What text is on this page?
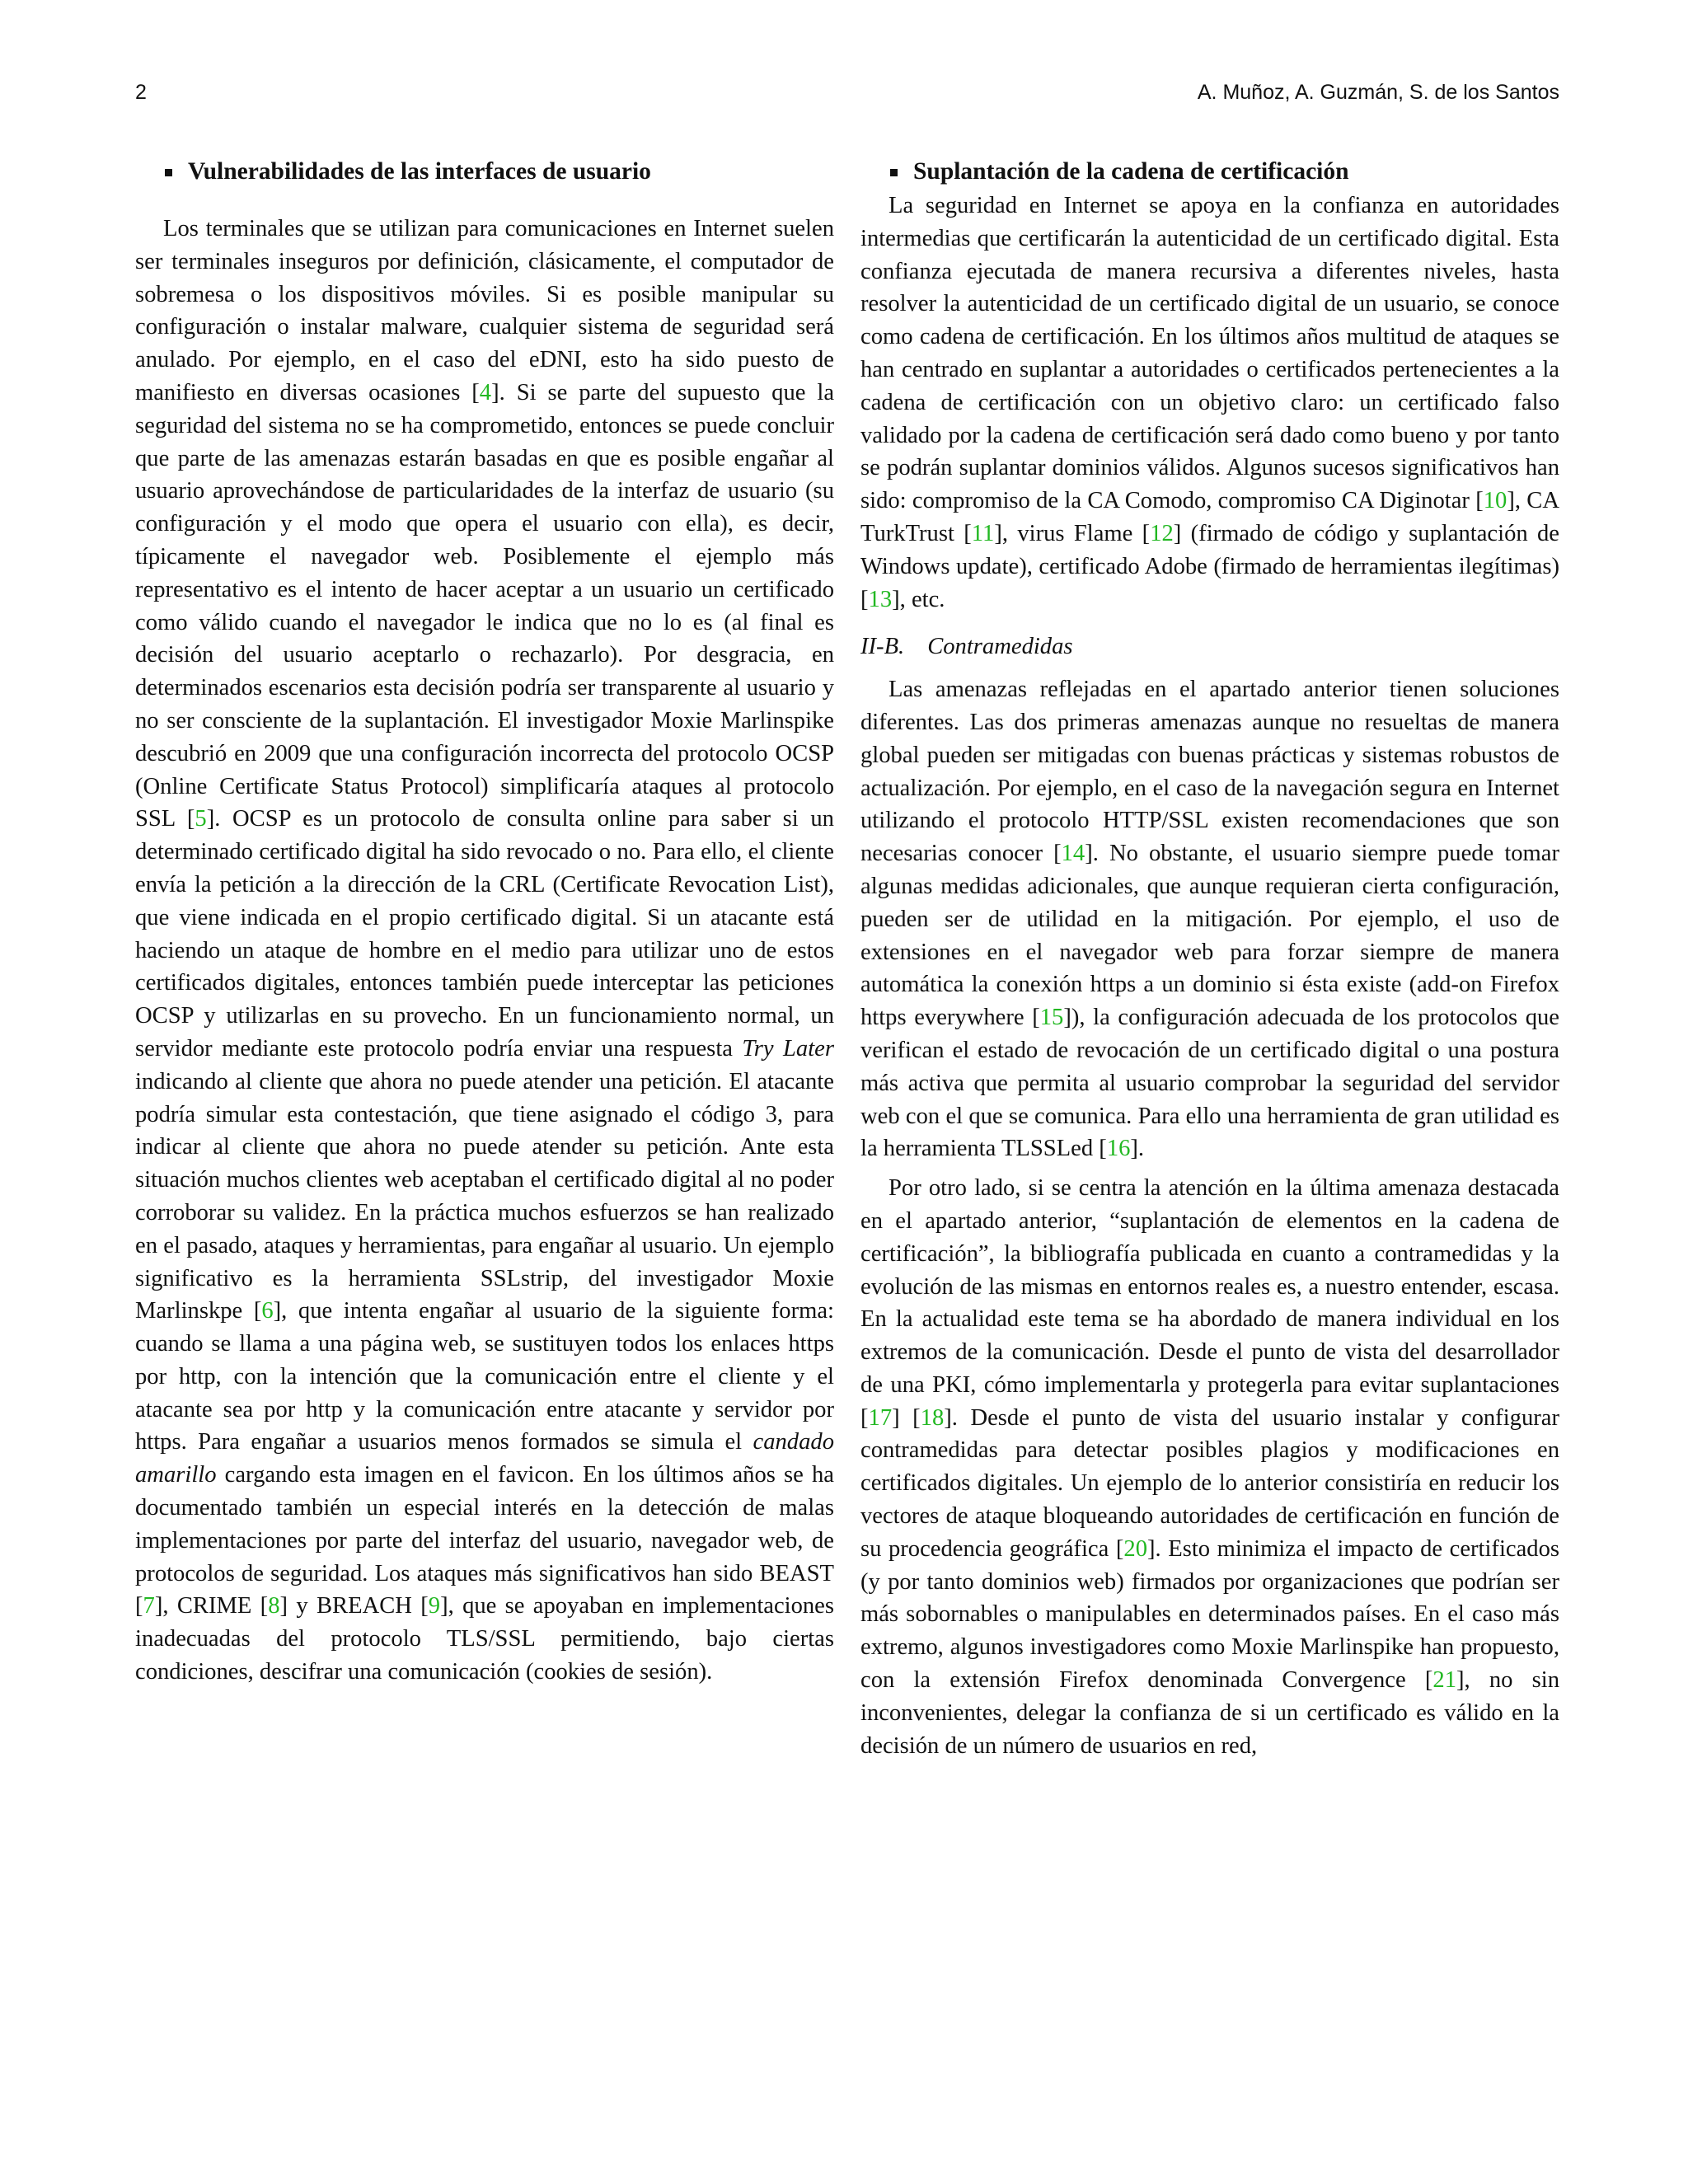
2	A. Muñoz, A. Guzmán, S. de los Santos
Vulnerabilidades de las interfaces de usuario

Los terminales que se utilizan para comunicaciones en Internet suelen ser terminales inseguros por definición, clásicamente, el computador de sobremesa o los dispositivos móviles. Si es posible manipular su configuración o instalar malware, cualquier sistema de seguridad será anulado. Por ejemplo, en el caso del eDNI, esto ha sido puesto de manifiesto en diversas ocasiones [4]. Si se parte del supuesto que la seguridad del sistema no se ha comprometido, entonces se puede concluir que parte de las amenazas estarán basadas en que es posible engañar al usuario aprovechándose de particularidades de la interfaz de usuario (su configuración y el modo que opera el usuario con ella), es decir, típicamente el navegador web. Posiblemente el ejemplo más representativo es el intento de hacer aceptar a un usuario un certificado como válido cuando el navegador le indica que no lo es (al final es decisión del usuario aceptarlo o rechazarlo). Por desgracia, en determinados escenarios esta decisión podría ser transparente al usuario y no ser consciente de la suplantación. El investigador Moxie Marlinspike descubrió en 2009 que una configuración incorrecta del protocolo OCSP (Online Certificate Status Protocol) simplificaría ataques al protocolo SSL [5]. OCSP es un protocolo de consulta online para saber si un determinado certificado digital ha sido revocado o no. Para ello, el cliente envía la petición a la dirección de la CRL (Certificate Revocation List), que viene indicada en el propio certificado digital. Si un atacante está haciendo un ataque de hombre en el medio para utilizar uno de estos certificados digitales, entonces también puede interceptar las peticiones OCSP y utilizarlas en su provecho. En un funcionamiento normal, un servidor mediante este protocolo podría enviar una respuesta Try Later indicando al cliente que ahora no puede atender una petición. El atacante podría simular esta contestación, que tiene asignado el código 3, para indicar al cliente que ahora no puede atender su petición. Ante esta situación muchos clientes web aceptaban el certificado digital al no poder corroborar su validez. En la práctica muchos esfuerzos se han realizado en el pasado, ataques y herramientas, para engañar al usuario. Un ejemplo significativo es la herramienta SSLstrip, del investigador Moxie Marlinskpe [6], que intenta engañar al usuario de la siguiente forma: cuando se llama a una página web, se sustituyen todos los enlaces https por http, con la intención que la comunicación entre el cliente y el atacante sea por http y la comunicación entre atacante y servidor por https. Para engañar a usuarios menos formados se simula el candado amarillo cargando esta imagen en el favicon. En los últimos años se ha documentado también un especial interés en la detección de malas implementaciones por parte del interfaz del usuario, navegador web, de protocolos de seguridad. Los ataques más significativos han sido BEAST [7], CRIME [8] y BREACH [9], que se apoyaban en implementaciones inadecuadas del protocolo TLS/SSL permitiendo, bajo ciertas condiciones, descifrar una comunicación (cookies de sesión).

Suplantación de la cadena de certificación

La seguridad en Internet se apoya en la confianza en autoridades intermedias que certificarán la autenticidad de un certificado digital. Esta confianza ejecutada de manera recursiva a diferentes niveles, hasta resolver la autenticidad de un certificado digital de un usuario, se conoce como cadena de certificación. En los últimos años multitud de ataques se han centrado en suplantar a autoridades o certificados pertenecientes a la cadena de certificación con un objetivo claro: un certificado falso validado por la cadena de certificación será dado como bueno y por tanto se podrán suplantar dominios válidos. Algunos sucesos significativos han sido: compromiso de la CA Comodo, compromiso CA Diginotar [10], CA TurkTrust [11], virus Flame [12] (firmado de código y suplantación de Windows update), certificado Adobe (firmado de herramientas ilegítimas) [13], etc.

II-B. Contramedidas

Las amenazas reflejadas en el apartado anterior tienen soluciones diferentes. Las dos primeras amenazas aunque no resueltas de manera global pueden ser mitigadas con buenas prácticas y sistemas robustos de actualización. Por ejemplo, en el caso de la navegación segura en Internet utilizando el protocolo HTTP/SSL existen recomendaciones que son necesarias conocer [14]. No obstante, el usuario siempre puede tomar algunas medidas adicionales, que aunque requieran cierta configuración, pueden ser de utilidad en la mitigación. Por ejemplo, el uso de extensiones en el navegador web para forzar siempre de manera automática la conexión https a un dominio si ésta existe (add-on Firefox https everywhere [15]), la configuración adecuada de los protocolos que verifican el estado de revocación de un certificado digital o una postura más activa que permita al usuario comprobar la seguridad del servidor web con el que se comunica. Para ello una herramienta de gran utilidad es la herramienta TLSSLed [16].

Por otro lado, si se centra la atención en la última amenaza destacada en el apartado anterior, “suplantación de elementos en la cadena de certificación”, la bibliografía publicada en cuanto a contramedidas y la evolución de las mismas en entornos reales es, a nuestro entender, escasa. En la actualidad este tema se ha abordado de manera individual en los extremos de la comunicación. Desde el punto de vista del desarrollador de una PKI, cómo implementarla y protegerla para evitar suplantaciones [17] [18]. Desde el punto de vista del usuario instalar y configurar contramedidas para detectar posibles plagios y modificaciones en certificados digitales. Un ejemplo de lo anterior consistiría en reducir los vectores de ataque bloqueando autoridades de certificación en función de su procedencia geográfica [20]. Esto minimiza el impacto de certificados (y por tanto dominios web) firmados por organizaciones que podrían ser más sobornables o manipulables en determinados países. En el caso más extremo, algunos investigadores como Moxie Marlinspike han propuesto, con la extensión Firefox denominada Convergence [21], no sin inconvenientes, delegar la confianza de si un certificado es válido en la decisión de un número de usuarios en red,
